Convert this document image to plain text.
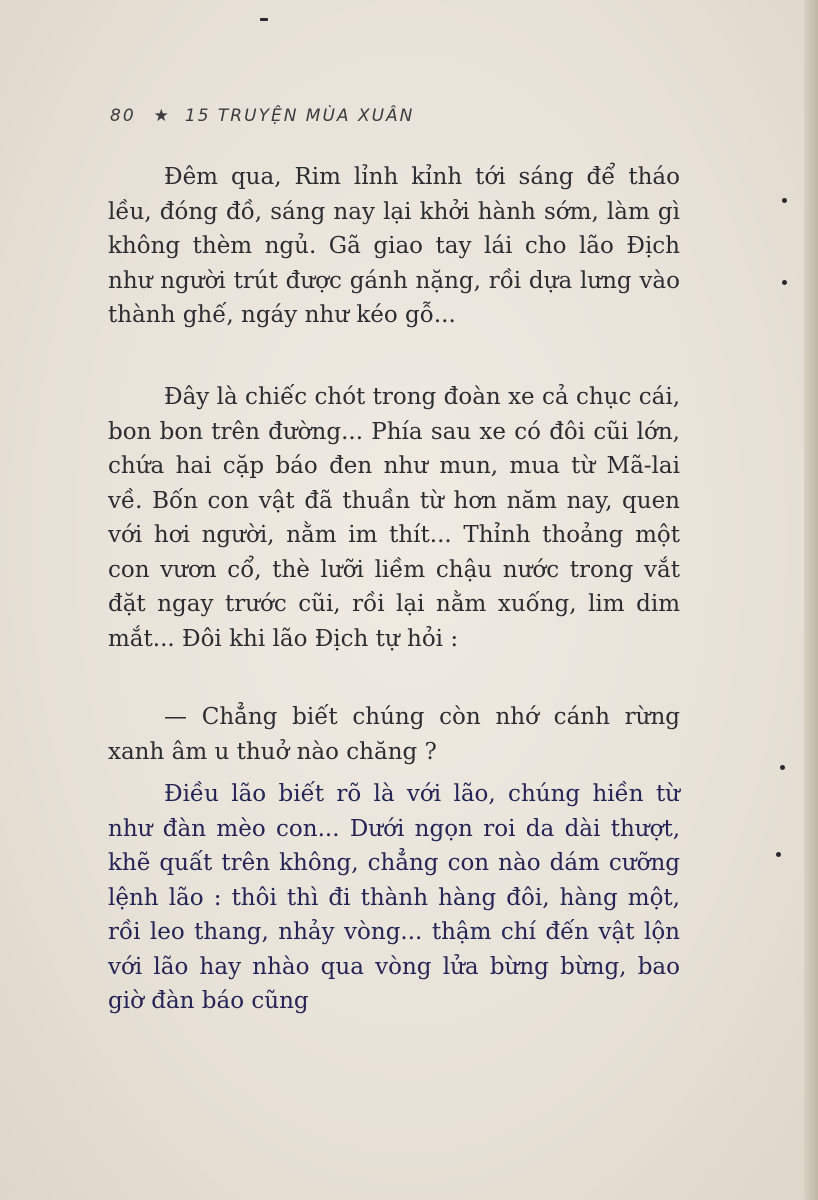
80 ★ 15 TRUYỆN MÙA XUÂN
Đêm qua, Rim lỉnh kỉnh tới sáng để tháo lều, đóng đồ, sáng nay lại khởi hành sớm, làm gì không thèm ngủ. Gã giao tay lái cho lão Địch như người trút được gánh nặng, rồi dựa lưng vào thành ghế, ngáy như kéo gỗ...
Đây là chiếc chót trong đoàn xe cả chục cái, bon bon trên đường... Phía sau xe có đôi cũi lớn, chứa hai cặp báo đen như mun, mua từ Mã-lai về. Bốn con vật đã thuần từ hơn năm nay, quen với hơi người, nằm im thít... Thỉnh thoảng một con vươn cổ, thè lưỡi liềm chậu nước trong vắt đặt ngay trước cũi, rồi lại nằm xuống, lim dim mắt... Đôi khi lão Địch tự hỏi :
— Chẳng biết chúng còn nhớ cánh rừng xanh âm u thuở nào chăng ?
Điều lão biết rõ là với lão, chúng hiền từ như đàn mèo con... Dưới ngọn roi da dài thượt, khẽ quất trên không, chẳng con nào dám cưỡng lệnh lão : thôi thì đi thành hàng đôi, hàng một, rồi leo thang, nhảy vòng... thậm chí đến vật lộn với lão hay nhào qua vòng lửa bừng bừng, bao giờ đàn báo cũng
